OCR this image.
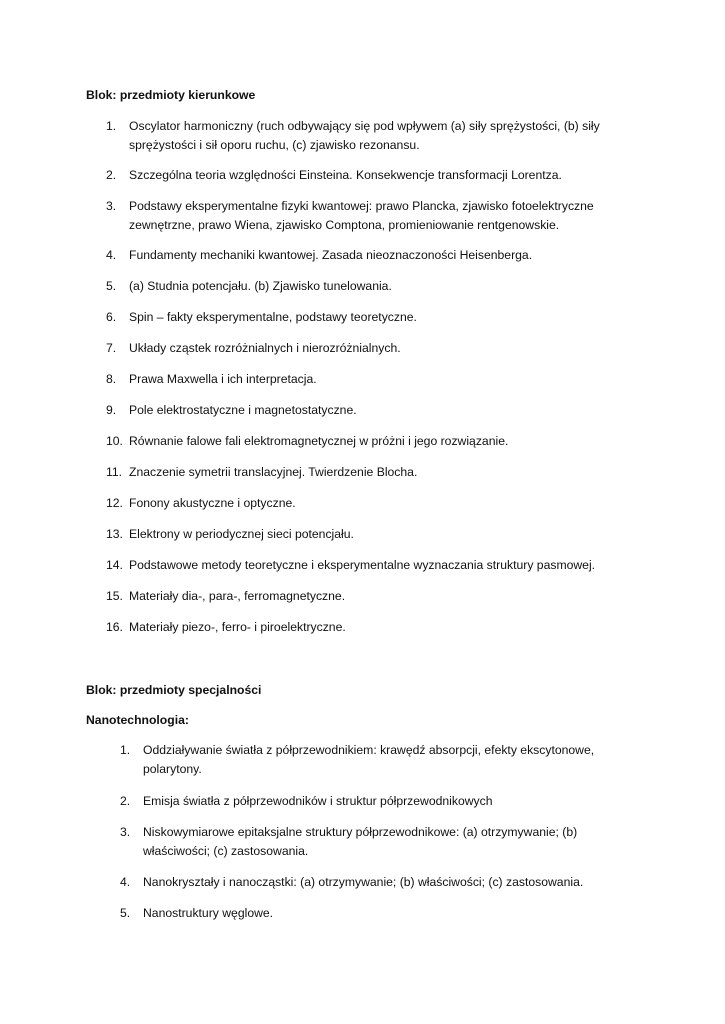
Blok: przedmioty kierunkowe
1. Oscylator harmoniczny (ruch odbywający się pod wpływem (a) siły sprężystości, (b) siły sprężystości i sił oporu ruchu, (c) zjawisko rezonansu.
2. Szczególna teoria względności Einsteina. Konsekwencje transformacji Lorentza.
3. Podstawy eksperymentalne fizyki kwantowej: prawo Plancka, zjawisko fotoelektryczne zewnętrzne, prawo Wiena, zjawisko Comptona, promieniowanie rentgenowskie.
4. Fundamenty mechaniki kwantowej. Zasada nieoznaczoności Heisenberga.
5. (a) Studnia potencjału. (b) Zjawisko tunelowania.
6. Spin – fakty eksperymentalne, podstawy teoretyczne.
7. Układy cząstek rozróżnialnych i nierozróżnialnych.
8. Prawa Maxwella i ich interpretacja.
9. Pole elektrostatyczne i magnetostatyczne.
10. Równanie falowe fali elektromagnetycznej w próżni i jego rozwiązanie.
11. Znaczenie symetrii translacyjnej. Twierdzenie Blocha.
12. Fonony akustyczne i optyczne.
13. Elektrony w periodycznej sieci potencjału.
14. Podstawowe metody teoretyczne i eksperymentalne wyznaczania struktury pasmowej.
15. Materiały dia-, para-, ferromagnetyczne.
16. Materiały piezo-, ferro- i piroelektryczne.
Blok: przedmioty specjalności
Nanotechnologia:
1. Oddziaływanie światła z półprzewodnikiem: krawędź absorpcji, efekty ekscytonowe, polarytony.
2. Emisja światła z półprzewodników i struktur półprzewodnikowych
3. Niskowymiarowe epitaksjalne struktury półprzewodnikowe: (a) otrzymywanie; (b) właściwości; (c) zastosowania.
4. Nanokryształy i nanocząstki: (a) otrzymywanie; (b) właściwości; (c) zastosowania.
5. Nanostruktury węglowe.
